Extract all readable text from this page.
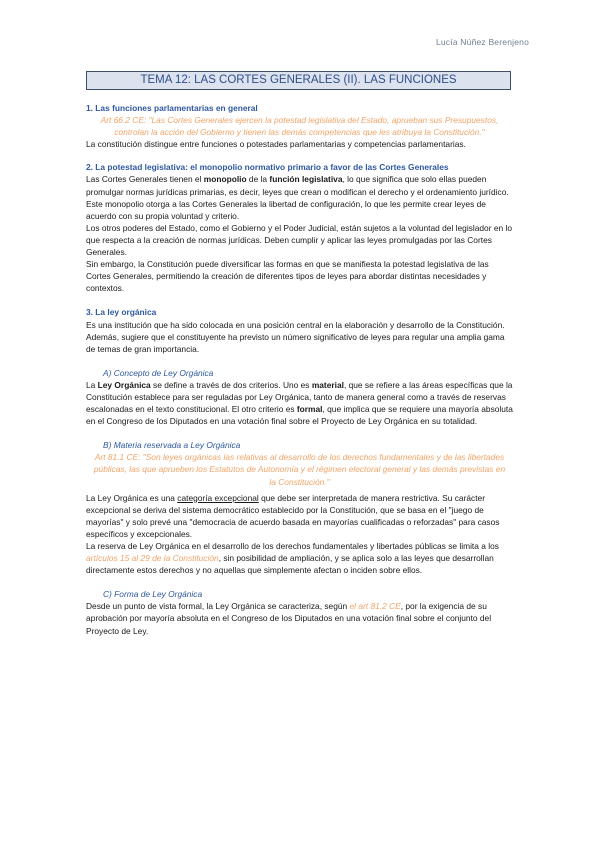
Lucía Núñez Berenjeno
TEMA 12: LAS CORTES GENERALES (II). LAS FUNCIONES

1. Las funciones parlamentarias en general

Art 66.2 CE: "Las Cortes Generales ejercen la potestad legislativa del Estado, aprueban sus Presupuestos, controlan la acción del Gobierno y tienen las demás competencias que les atribuya la Constitución."

La constitución distingue entre funciones o potestades parlamentarias y competencias parlamentarias.

2. La potestad legislativa: el monopolio normativo primario a favor de las Cortes Generales

Las Cortes Generales tienen el monopolio de la función legislativa, lo que significa que solo ellas pueden promulgar normas jurídicas primarias, es decir, leyes que crean o modifican el derecho y el ordenamiento jurídico. Este monopolio otorga a las Cortes Generales la libertad de configuración, lo que les permite crear leyes de acuerdo con su propia voluntad y criterio.

Los otros poderes del Estado, como el Gobierno y el Poder Judicial, están sujetos a la voluntad del legislador en lo que respecta a la creación de normas jurídicas. Deben cumplir y aplicar las leyes promulgadas por las Cortes Generales.

Sin embargo, la Constitución puede diversificar las formas en que se manifiesta la potestad legislativa de las Cortes Generales, permitiendo la creación de diferentes tipos de leyes para abordar distintas necesidades y contextos.

3. La ley orgánica

Es una institución que ha sido colocada en una posición central en la elaboración y desarrollo de la Constitución. Además, sugiere que el constituyente ha previsto un número significativo de leyes para regular una amplia gama de temas de gran importancia.

A) Concepto de Ley Orgánica

La Ley Orgánica se define a través de dos criterios. Uno es material, que se refiere a las áreas específicas que la Constitución establece para ser reguladas por Ley Orgánica, tanto de manera general como a través de reservas escalonadas en el texto constitucional. El otro criterio es formal, que implica que se requiere una mayoría absoluta en el Congreso de los Diputados en una votación final sobre el Proyecto de Ley Orgánica en su totalidad.

B) Materia reservada a Ley Orgánica

Art 81.1 CE: "Son leyes orgánicas las relativas al desarrollo de los derechos fundamentales y de las libertades públicas, las que aprueben los Estatutos de Autonomía y el régimen electoral general y las demás previstas en la Constitución."

La Ley Orgánica es una categoría excepcional que debe ser interpretada de manera restrictiva. Su carácter excepcional se deriva del sistema democrático establecido por la Constitución, que se basa en el "juego de mayorías" y solo prevé una "democracia de acuerdo basada en mayorías cualificadas o reforzadas" para casos específicos y excepcionales.

La reserva de Ley Orgánica en el desarrollo de los derechos fundamentales y libertades públicas se limita a los artículos 15 al 29 de la Constitución, sin posibilidad de ampliación, y se aplica solo a las leyes que desarrollan directamente estos derechos y no aquellas que simplemente afectan o inciden sobre ellos.

C) Forma de Ley Orgánica

Desde un punto de vista formal, la Ley Orgánica se caracteriza, según el art 81.2 CE, por la exigencia de su aprobación por mayoría absoluta en el Congreso de los Diputados en una votación final sobre el conjunto del Proyecto de Ley.
